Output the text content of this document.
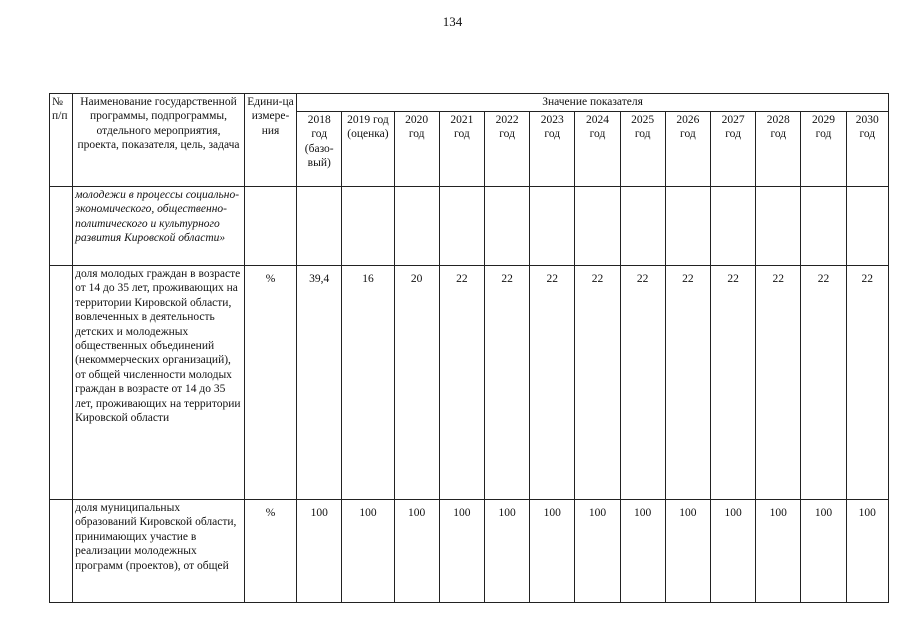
134
№ п/п	Наименование государственной программы, подпрограммы, отдельного мероприятия, проекта, показателя, цель, задача	Едини-ца измере-ния	Значение показателя												
			2018 год (базо-вый)	2019 год (оценка)	2020 год	2021 год	2022 год	2023 год	2024 год	2025 год	2026 год	2027 год	2028 год	2029 год	2030 год
	молодежи в процессы социально-экономического, общественно-политического и культурного развития Кировской области»														
	доля молодых граждан в возрасте от 14 до 35 лет, проживающих на территории Кировской области, вовлеченных в деятельность детских и молодежных общественных объединений (некоммерческих организаций), от общей численности молодых граждан в возрасте от 14 до 35 лет, проживающих на территории Кировской области	%	39,4	16	20	22	22	22	22	22	22	22	22	22	22
	доля муниципальных образований Кировской области, принимающих участие в реализации молодежных программ (проектов), от общей	%	100	100	100	100	100	100	100	100	100	100	100	100	100
